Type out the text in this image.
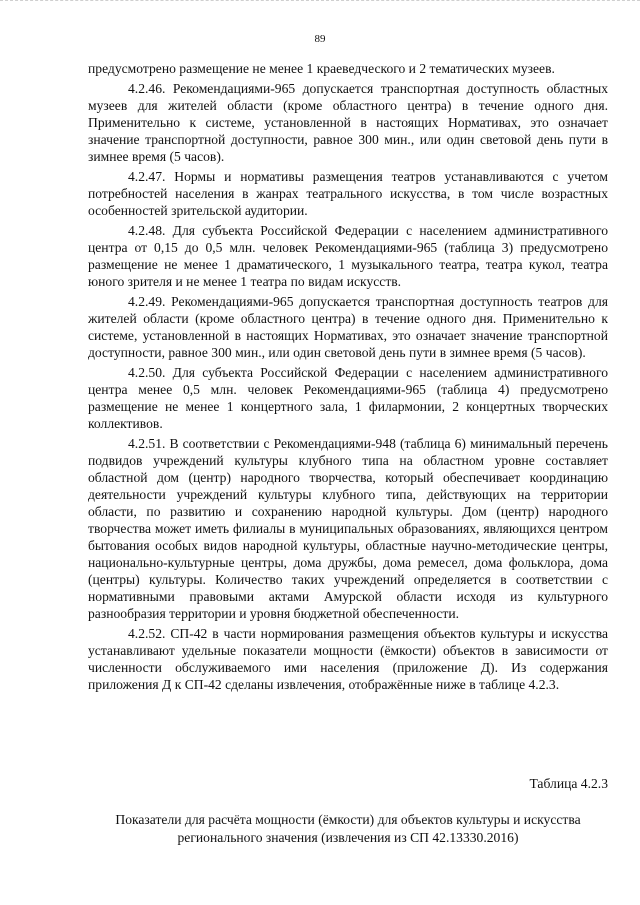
89

предусмотрено размещение не менее 1 краеведческого и 2 тематических музеев.

4.2.46. Рекомендациями-965 допускается транспортная доступность областных музеев для жителей области (кроме областного центра) в течение одного дня. Применительно к системе, установленной в настоящих Нормативах, это означает значение транспортной доступности, равное 300 мин., или один световой день пути в зимнее время (5 часов).

4.2.47. Нормы и нормативы размещения театров устанавливаются с учетом потребностей населения в жанрах театрального искусства, в том числе возрастных особенностей зрительской аудитории.

4.2.48. Для субъекта Российской Федерации с населением административного центра от 0,15 до 0,5 млн. человек Рекомендациями-965 (таблица 3) предусмотрено размещение не менее 1 драматического, 1 музыкального театра, театра кукол, театра юного зрителя и не менее 1 театра по видам искусств.

4.2.49. Рекомендациями-965 допускается транспортная доступность театров для жителей области (кроме областного центра) в течение одного дня. Применительно к системе, установленной в настоящих Нормативах, это означает значение транспортной доступности, равное 300 мин., или один световой день пути в зимнее время (5 часов).

4.2.50. Для субъекта Российской Федерации с населением административного центра менее 0,5 млн. человек Рекомендациями-965 (таблица 4) предусмотрено размещение не менее 1 концертного зала, 1 филармонии, 2 концертных творческих коллективов.

4.2.51. В соответствии с Рекомендациями-948 (таблица 6) минимальный перечень подвидов учреждений культуры клубного типа на областном уровне составляет областной дом (центр) народного творчества, который обеспечивает координацию деятельности учреждений культуры клубного типа, действующих на территории области, по развитию и сохранению народной культуры. Дом (центр) народного творчества может иметь филиалы в муниципальных образованиях, являющихся центром бытования особых видов народной культуры, областные научно-методические центры, национально-культурные центры, дома дружбы, дома ремесел, дома фольклора, дома (центры) культуры. Количество таких учреждений определяется в соответствии с нормативными правовыми актами Амурской области исходя из культурного разнообразия территории и уровня бюджетной обеспеченности.

4.2.52. СП-42 в части нормирования размещения объектов культуры и искусства устанавливают удельные показатели мощности (ёмкости) объектов в зависимости от численности обслуживаемого ими населения (приложение Д). Из содержания приложения Д к СП-42 сделаны извлечения, отображённые ниже в таблице 4.2.3.

Таблица 4.2.3
Показатели для расчёта мощности (ёмкости) для объектов культуры и искусства регионального значения (извлечения из СП 42.13330.2016)
